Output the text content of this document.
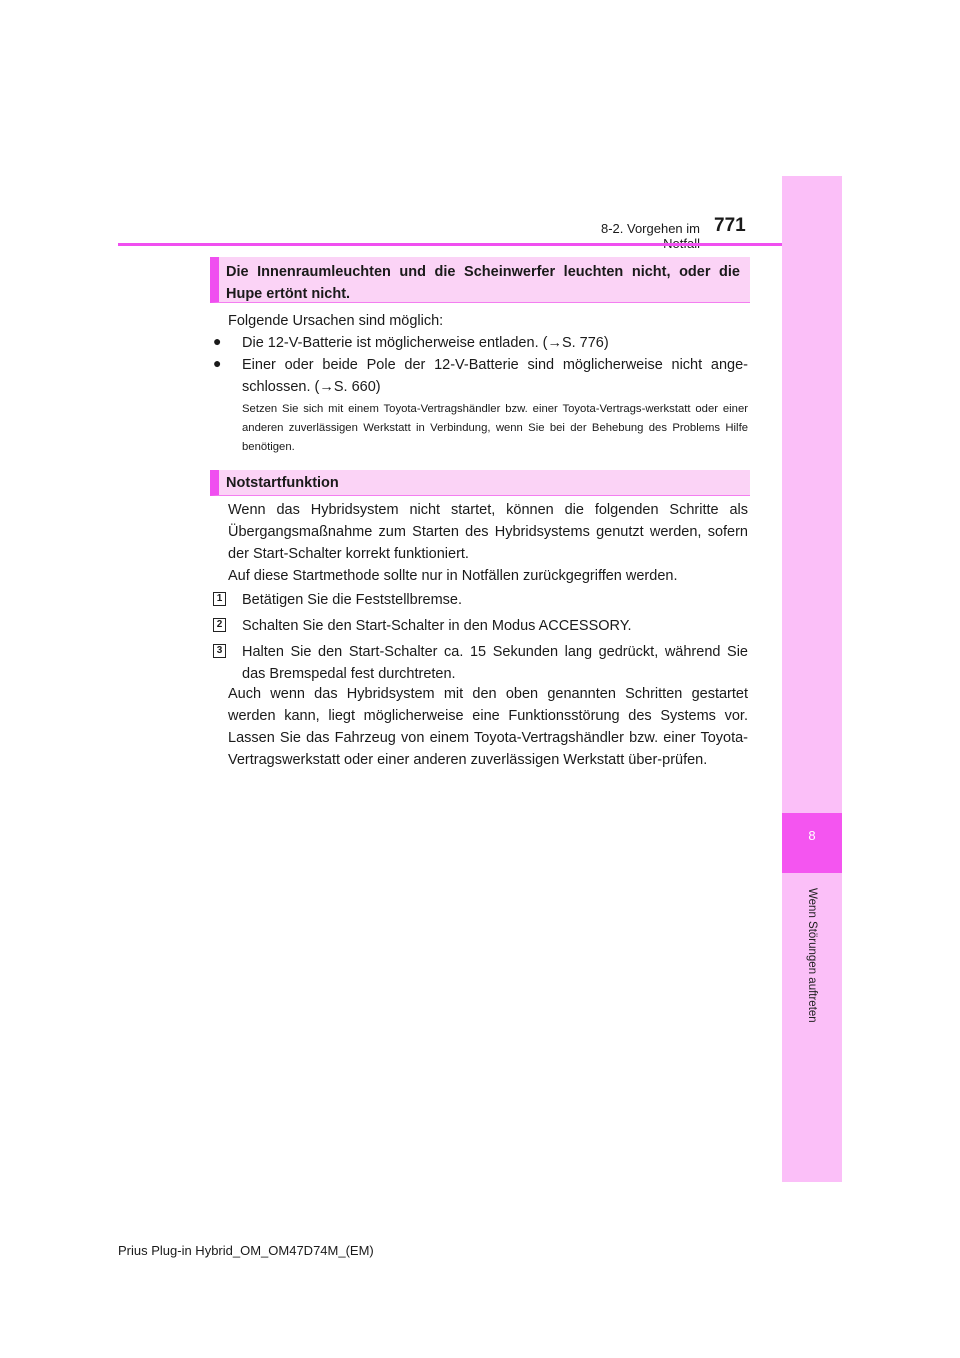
8-2. Vorgehen im 771
8
Wenn Störungen auftreten
Die Innenraumleuchten und die Scheinwerfer leuchten nicht, oder die Hupe ertönt nicht.
Folgende Ursachen sind möglich:
● Die 12-V-Batterie ist möglicherweise entladen. (→S. 776)
● Einer oder beide Pole der 12-V-Batterie sind möglicherweise nicht ange-schlossen. (→S. 660)
Setzen Sie sich mit einem Toyota-Vertragshändler bzw. einer Toyota-Vertrags-werkstatt oder einer anderen zuverlässigen Werkstatt in Verbindung, wenn Sie bei der Behebung des Problems Hilfe benötigen.
Notstartfunktion
Wenn das Hybridsystem nicht startet, können die folgenden Schritte als Übergangsmaßnahme zum Starten des Hybridsystems genutzt werden, sofern der Start-Schalter korrekt funktioniert.
Auf diese Startmethode sollte nur in Notfällen zurückgegriffen werden.
1 Betätigen Sie die Feststellbremse.
2 Schalten Sie den Start-Schalter in den Modus ACCESSORY.
3 Halten Sie den Start-Schalter ca. 15 Sekunden lang gedrückt, während Sie das Bremspedal fest durchtreten.
Auch wenn das Hybridsystem mit den oben genannten Schritten gestartet werden kann, liegt möglicherweise eine Funktionsstörung des Systems vor. Lassen Sie das Fahrzeug von einem Toyota-Vertragshändler bzw. einer Toyota-Vertragswerkstatt oder einer anderen zuverlässigen Werkstatt über-prüfen.
Prius Plug-in Hybrid_OM_OM47D74M_(EM)
